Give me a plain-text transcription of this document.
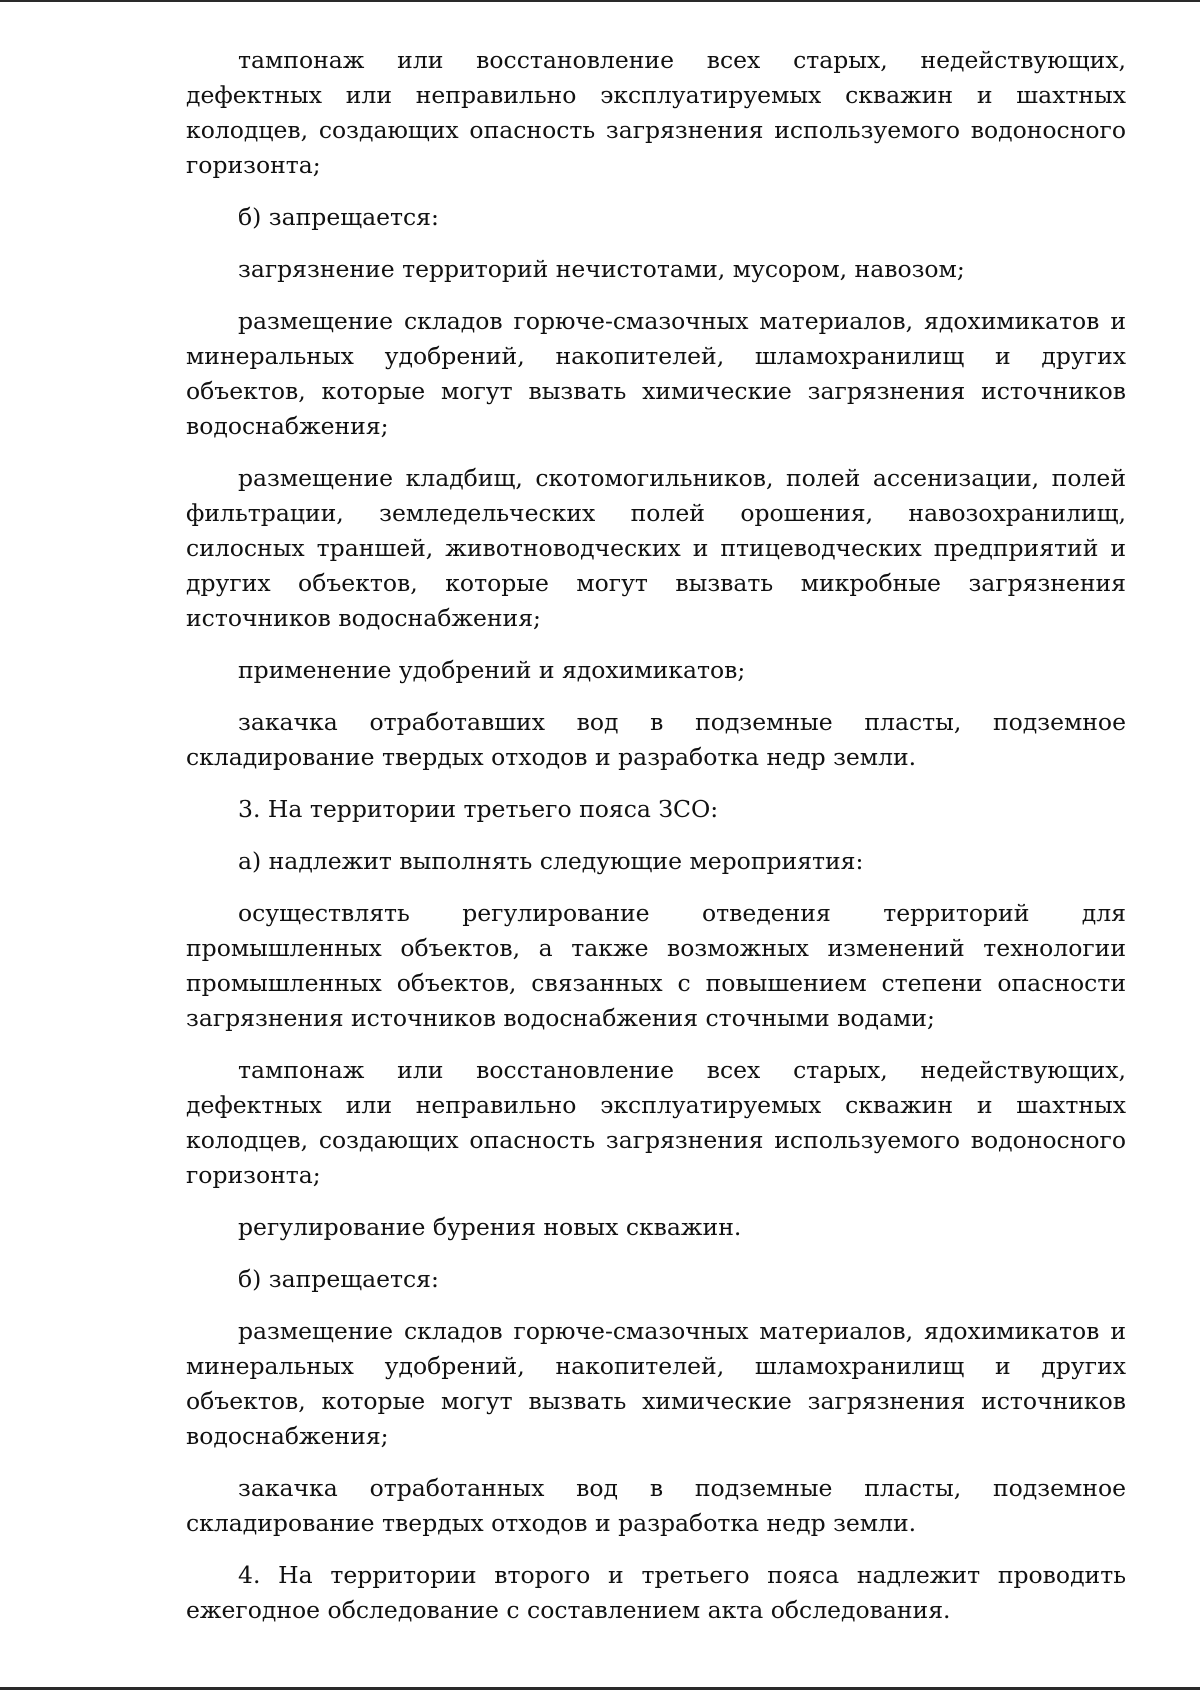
тампонаж или восстановление всех старых, недействующих, дефектных или неправильно эксплуатируемых скважин и шахтных колодцев, создающих опасность загрязнения используемого водоносного горизонта;

б) запрещается:

загрязнение территорий нечистотами, мусором, навозом;

размещение складов горюче-смазочных материалов, ядохимикатов и минеральных удобрений, накопителей, шламохранилищ и других объектов, которые могут вызвать химические загрязнения источников водоснабжения;

размещение кладбищ, скотомогильников, полей ассенизации, полей фильтрации, земледельческих полей орошения, навозохранилищ, силосных траншей, животноводческих и птицеводческих предприятий и других объектов, которые могут вызвать микробные загрязнения источников водоснабжения;

применение удобрений и ядохимикатов;

закачка отработавших вод в подземные пласты, подземное складирование твердых отходов и разработка недр земли.

3. На территории третьего пояса ЗСО:

а) надлежит выполнять следующие мероприятия:

осуществлять регулирование отведения территорий для промышленных объектов, а также возможных изменений технологии промышленных объектов, связанных с повышением степени опасности загрязнения источников водоснабжения сточными водами;

тампонаж или восстановление всех старых, недействующих, дефектных или неправильно эксплуатируемых скважин и шахтных колодцев, создающих опасность загрязнения используемого водоносного горизонта;

регулирование бурения новых скважин.

б) запрещается:

размещение складов горюче-смазочных материалов, ядохимикатов и минеральных удобрений, накопителей, шламохранилищ и других объектов, которые могут вызвать химические загрязнения источников водоснабжения;

закачка отработанных вод в подземные пласты, подземное складирование твердых отходов и разработка недр земли.

4. На территории второго и третьего пояса надлежит проводить ежегодное обследование с составлением акта обследования.
